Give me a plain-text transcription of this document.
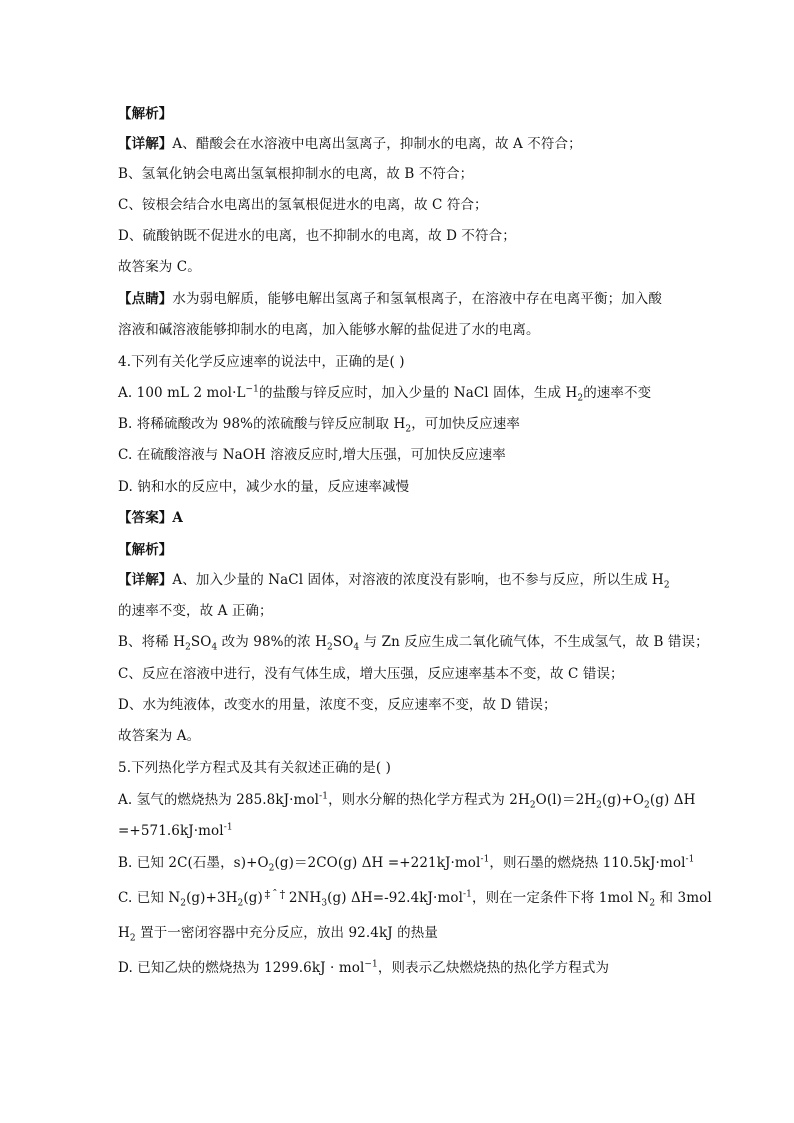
【解析】
【详解】A、醋酸会在水溶液中电离出氢离子，抑制水的电离，故 A 不符合；
B、氢氧化钠会电离出氢氧根抑制水的电离，故 B 不符合；
C、铵根会结合水电离出的氢氧根促进水的电离，故 C 符合；
D、硫酸钠既不促进水的电离，也不抑制水的电离，故 D 不符合；
故答案为 C。
【点睛】水为弱电解质，能够电解出氢离子和氢氧根离子，在溶液中存在电离平衡；加入酸
溶液和碱溶液能够抑制水的电离，加入能够水解的盐促进了水的电离。
4.下列有关化学反应速率的说法中，正确的是( )
A. 100 mL 2 $mol\cdot L^{-1}$的盐酸与锌反应时，加入少量的 NaCl 固体，生成 $H_2$的速率不变
B. 将稀硫酸改为 98%的浓硫酸与锌反应制取 $H_2$，可加快反应速率
C. 在硫酸溶液与 NaOH 溶液反应时,增大压强，可加快反应速率
D. 钠和水的反应中，减少水的量，反应速率减慢
【答案】A
【解析】
【详解】A、加入少量的 NaCl 固体，对溶液的浓度没有影响，也不参与反应，所以生成 $H_2$
的速率不变，故 A 正确；
B、将稀 $H_2SO_4$ 改为 98%的浓 $H_2SO_4$ 与 Zn 反应生成二氧化硫气体，不生成氢气，故 B 错误；
C、反应在溶液中进行，没有气体生成，增大压强，反应速率基本不变，故 C 错误；
D、水为纯液体，改变水的用量，浓度不变，反应速率不变，故 D 错误；
故答案为 A。
5.下列热化学方程式及其有关叙述正确的是( )
A. 氢气的燃烧热为 285.8kJ·mol$^{-1}$，则水分解的热化学方程式为 $2H_2O(l)=2H_2(g)+O_2(g)$ ΔH
=+571.6kJ·mol$^{-1}$
B. 已知 2C(石墨，$s)+O_2(g)=2CO(g)$ ΔH =+221kJ·mol$^{-1}$，则石墨的燃烧热 110.5kJ·mol$^{-1}$
C. 已知 $N_2(g)+3H_2(g)$ ‡ˆ† $2NH_3(g)$ ΔH=-92.4kJ·mol$^{-1}$，则在一定条件下将 1mol $N_2$ 和 3mol
$H_2$ 置于一密闭容器中充分反应，放出 92.4kJ 的热量
D. 已知乙炔的燃烧热为 1299.6kJ · mol$^{-1}$，则表示乙炔燃烧热的热化学方程式为
